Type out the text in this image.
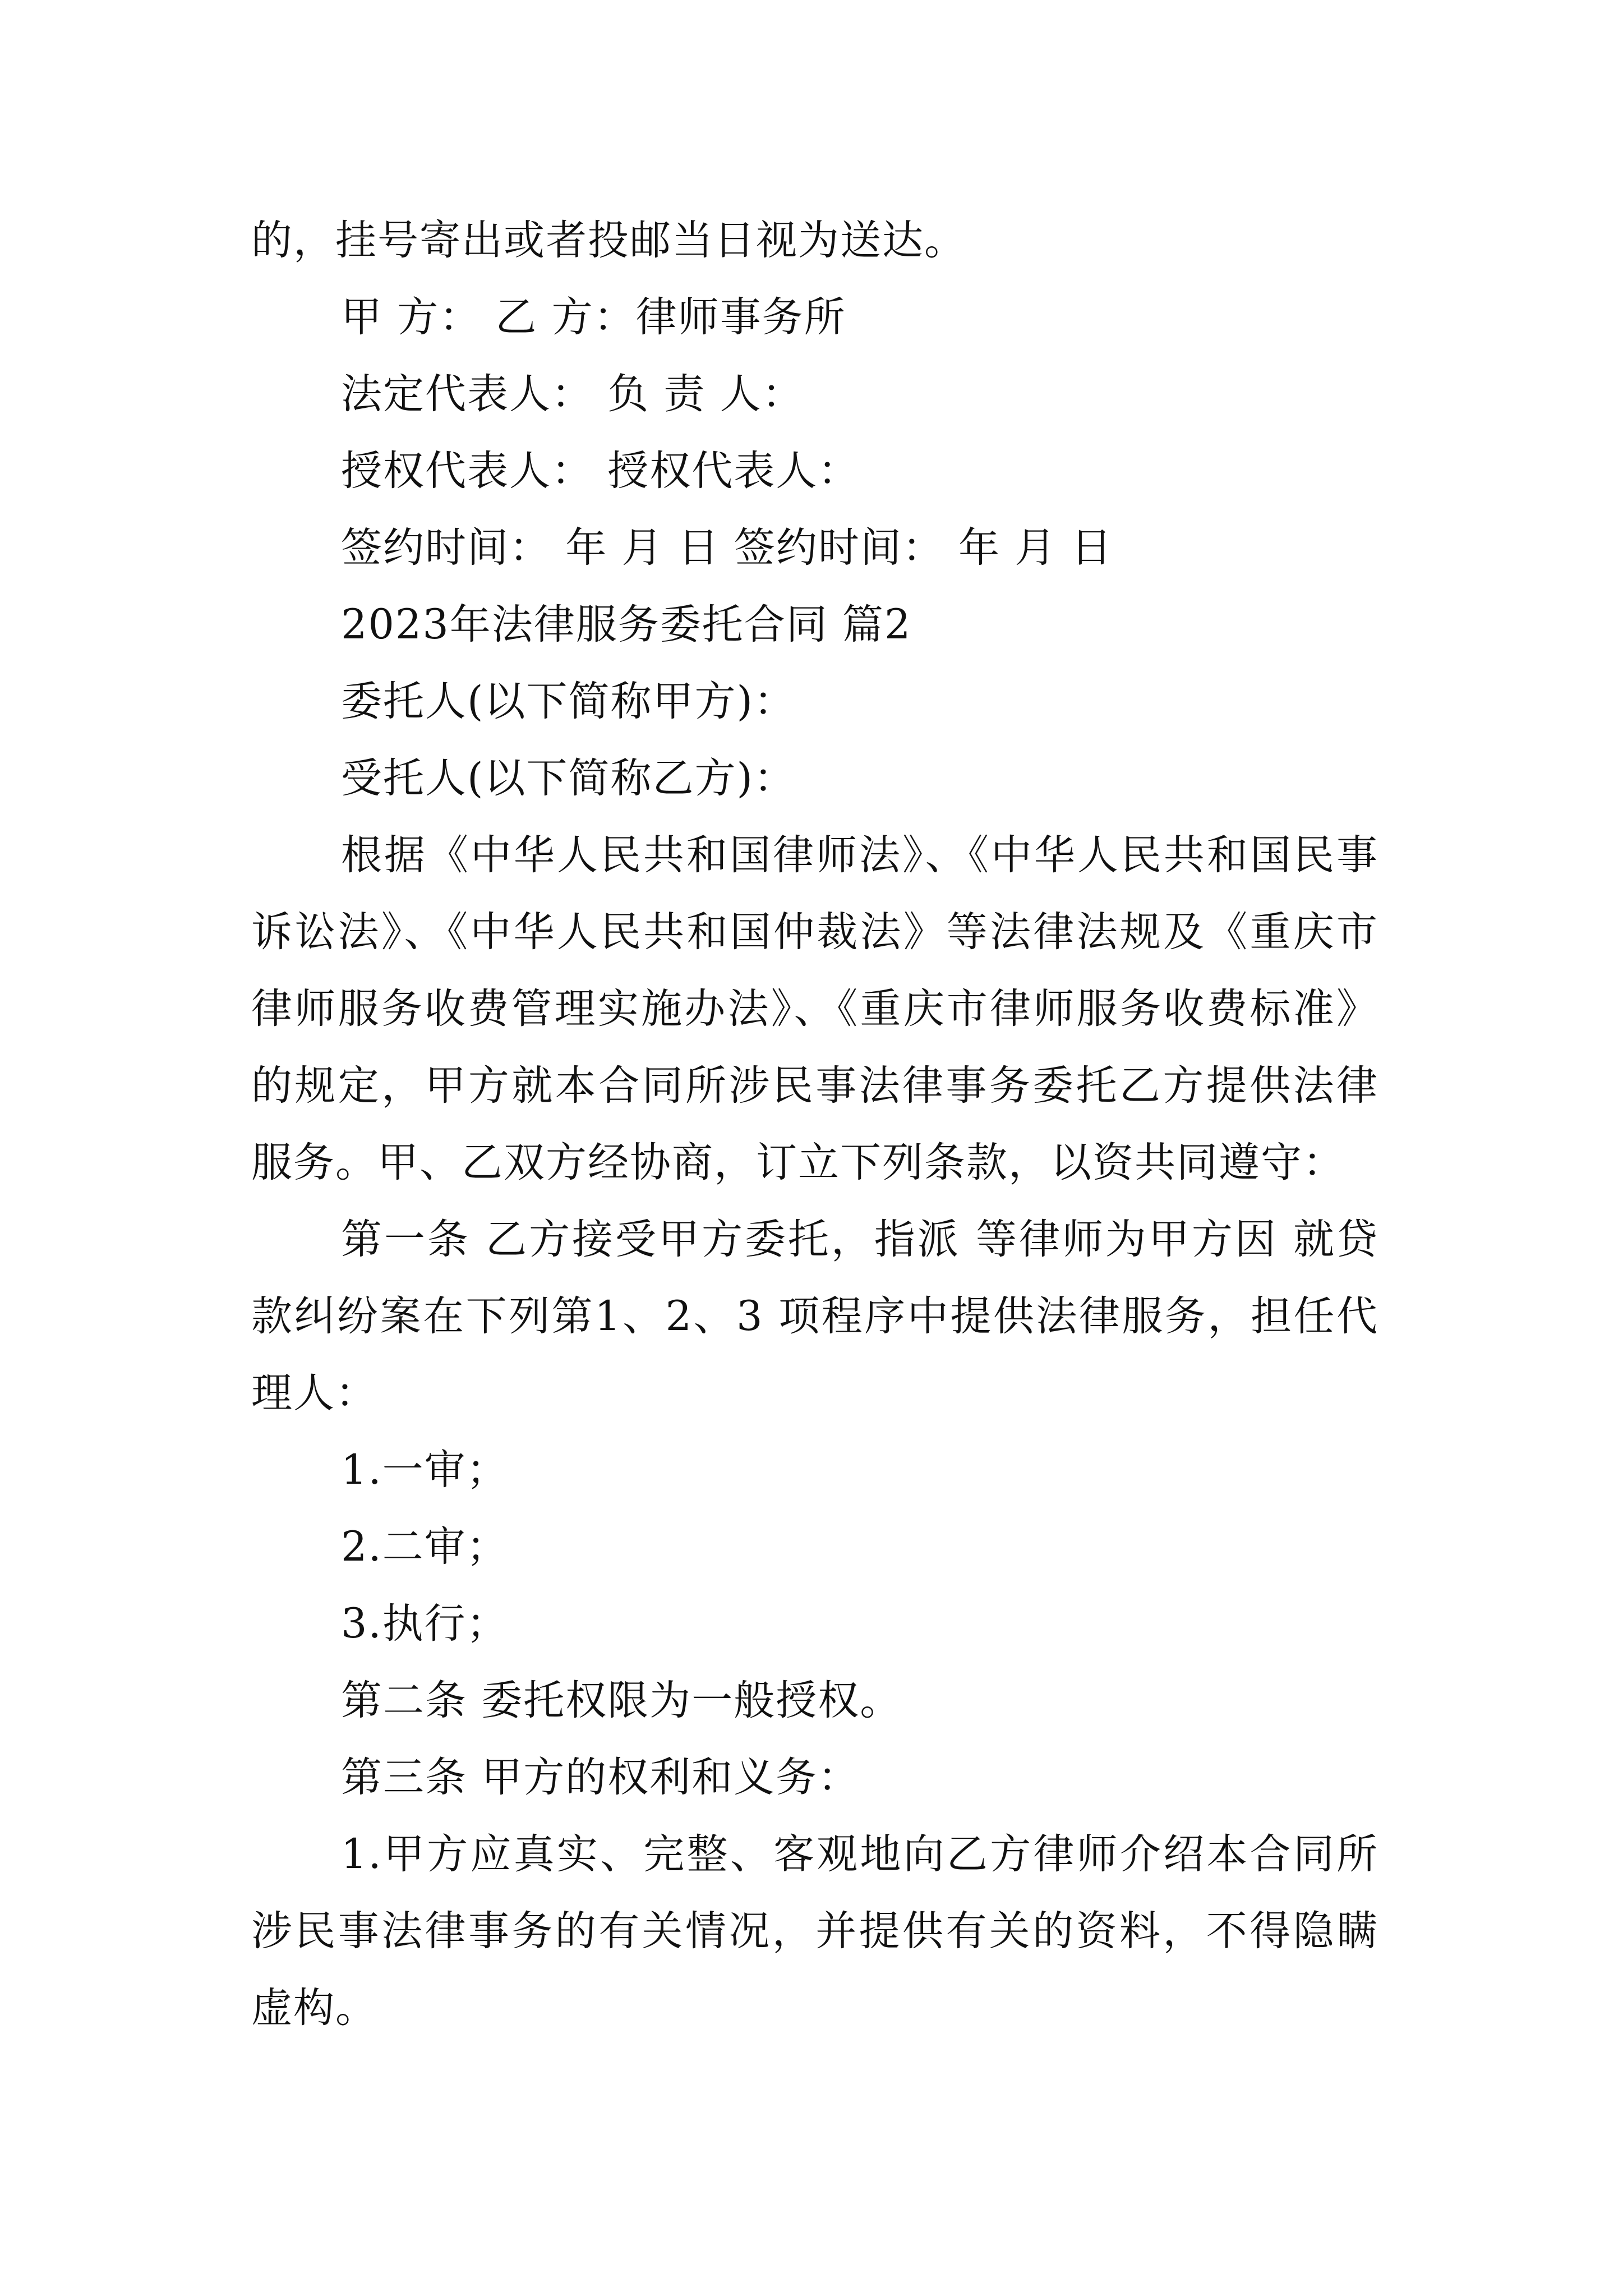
的，挂号寄出或者投邮当日视为送达。
甲 方： 乙 方：律师事务所
法定代表人： 负 责 人：
授权代表人： 授权代表人：
签约时间： 年 月 日 签约时间： 年 月 日
2023年法律服务委托合同 篇2
委托人(以下简称甲方)：
受托人(以下简称乙方)：
根据《中华人民共和国律师法》、《中华人民共和国民事诉讼法》、《中华人民共和国仲裁法》等法律法规及《重庆市律师服务收费管理实施办法》、《重庆市律师服务收费标准》的规定，甲方就本合同所涉民事法律事务委托乙方提供法律服务。甲、乙双方经协商，订立下列条款，以资共同遵守：
第一条 乙方接受甲方委托，指派 等律师为甲方因 就贷款纠纷案在下列第1、2、3 项程序中提供法律服务，担任代理人：
1.一审；
2.二审；
3.执行；
第二条 委托权限为一般授权。
第三条 甲方的权利和义务：
1.甲方应真实、完整、客观地向乙方律师介绍本合同所涉民事法律事务的有关情况，并提供有关的资料，不得隐瞒虚构。
